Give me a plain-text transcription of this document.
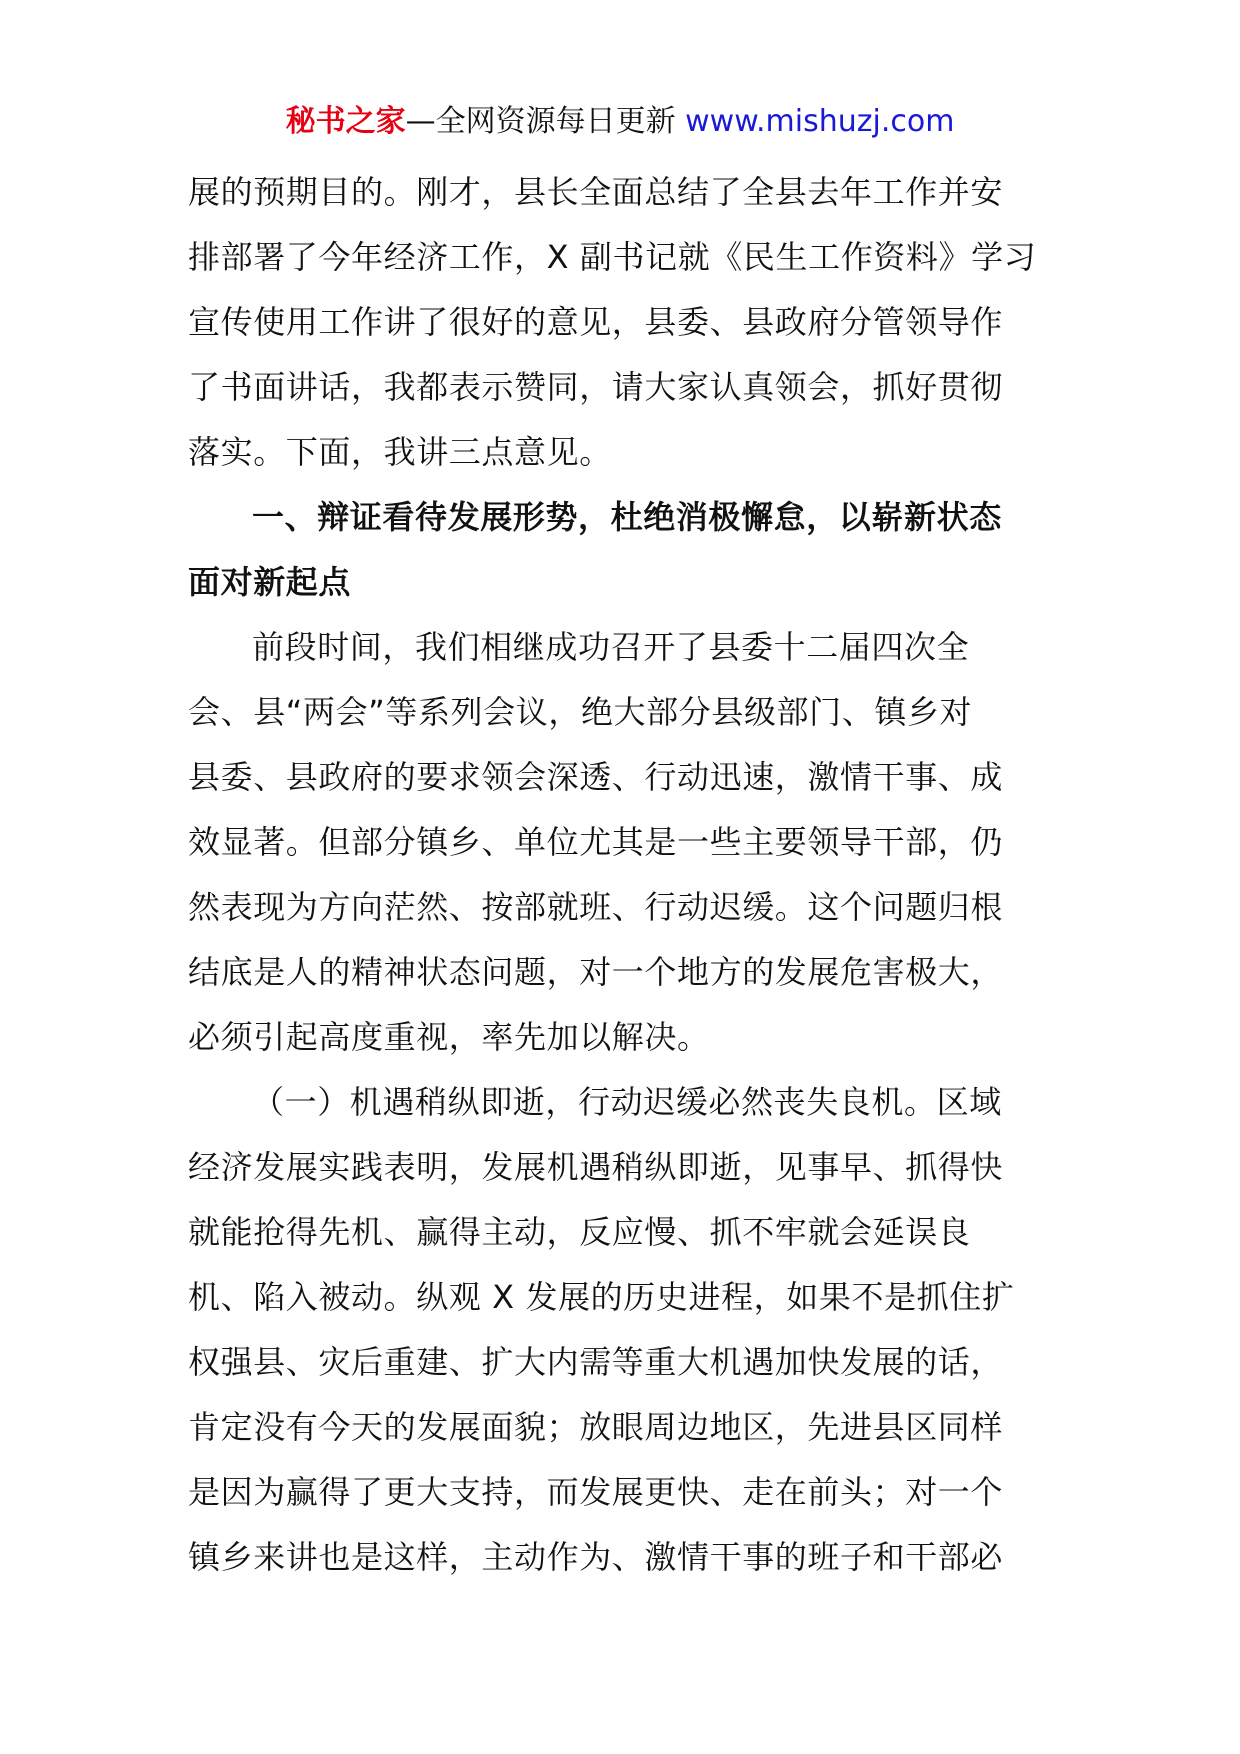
秘书之家—全网资源每日更新 www.mishuzj.com
展的预期目的。刚才，县长全面总结了全县去年工作并安
排部署了今年经济工作，X 副书记就《民生工作资料》学习
宣传使用工作讲了很好的意见，县委、县政府分管领导作
了书面讲话，我都表示赞同，请大家认真领会，抓好贯彻
落实。下面，我讲三点意见。
一、辩证看待发展形势，杜绝消极懈怠，以崭新状态
面对新起点
前段时间，我们相继成功召开了县委十二届四次全
会、县“两会”等系列会议，绝大部分县级部门、镇乡对
县委、县政府的要求领会深透、行动迅速，激情干事、成
效显著。但部分镇乡、单位尤其是一些主要领导干部，仍
然表现为方向茫然、按部就班、行动迟缓。这个问题归根
结底是人的精神状态问题，对一个地方的发展危害极大，
必须引起高度重视，率先加以解决。
（一）机遇稍纵即逝，行动迟缓必然丧失良机。区域
经济发展实践表明，发展机遇稍纵即逝，见事早、抓得快
就能抢得先机、赢得主动，反应慢、抓不牢就会延误良
机、陷入被动。纵观 X 发展的历史进程，如果不是抓住扩
权强县、灾后重建、扩大内需等重大机遇加快发展的话，
肯定没有今天的发展面貌；放眼周边地区，先进县区同样
是因为赢得了更大支持，而发展更快、走在前头；对一个
镇乡来讲也是这样，主动作为、激情干事的班子和干部必
